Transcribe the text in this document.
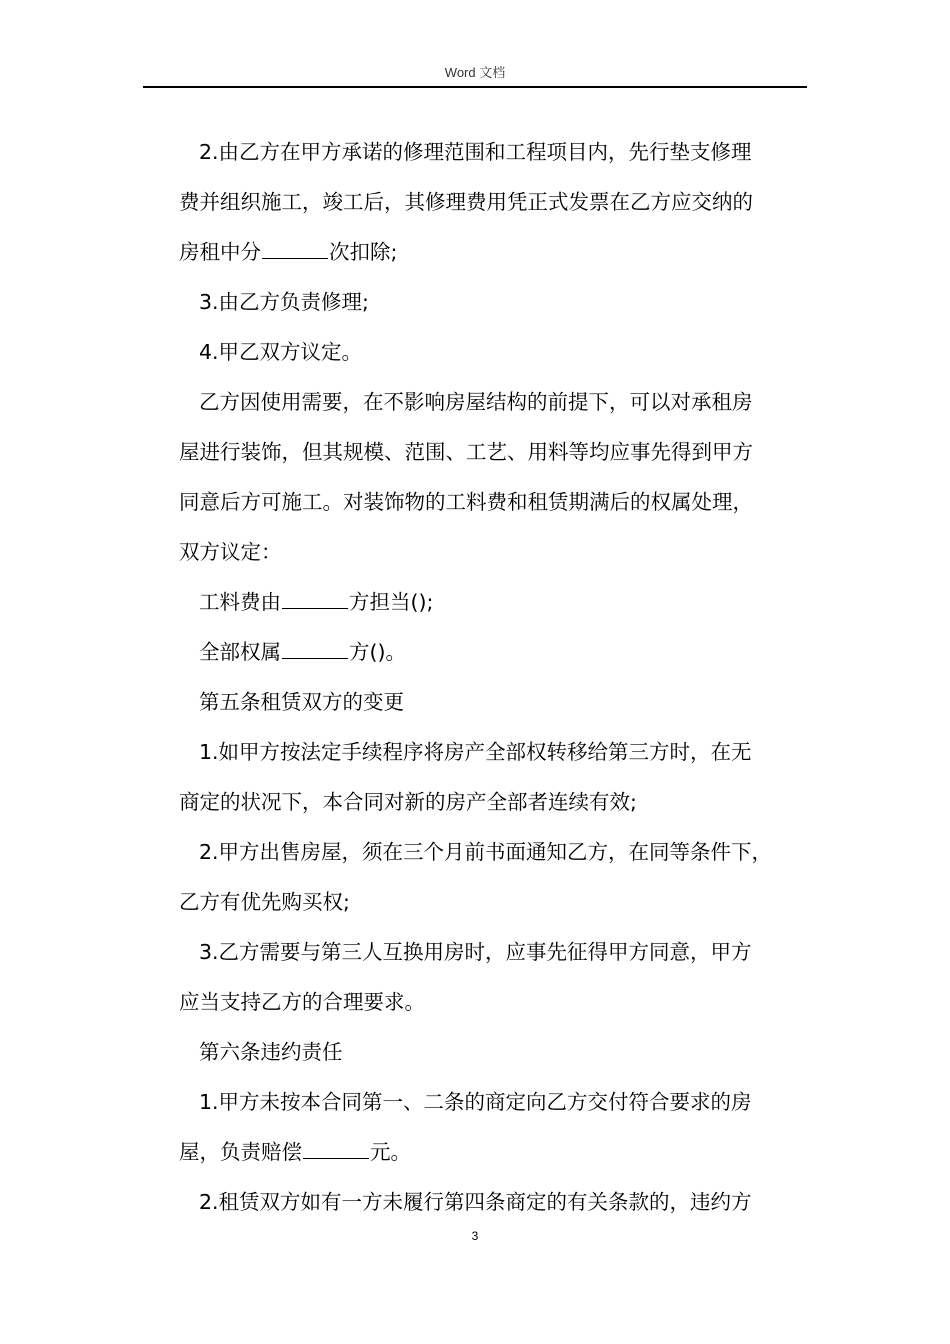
Word 文档

2.由乙方在甲方承诺的修理范围和工程项目内，先行垫支修理

费并组织施工，竣工后，其修理费用凭正式发票在乙方应交纳的

房租中分	次扣除;

3.由乙方负责修理;

4.甲乙双方议定。

乙方因使用需要，在不影响房屋结构的前提下，可以对承租房

屋进行装饰，但其规模、范围、工艺、用料等均应事先得到甲方

同意后方可施工。对装饰物的工料费和租赁期满后的权属处理，

双方议定：

工料费由	方担当();

全部权属	方()。

第五条租赁双方的变更

1.如甲方按法定手续程序将房产全部权转移给第三方时，在无

商定的状况下，本合同对新的房产全部者连续有效;

2.甲方出售房屋，须在三个月前书面通知乙方，在同等条件下，

乙方有优先购买权;

3.乙方需要与第三人互换用房时，应事先征得甲方同意，甲方

应当支持乙方的合理要求。

第六条违约责任

1.甲方未按本合同第一、二条的商定向乙方交付符合要求的房

屋，负责赔偿	元。

2.租赁双方如有一方未履行第四条商定的有关条款的，违约方

3
